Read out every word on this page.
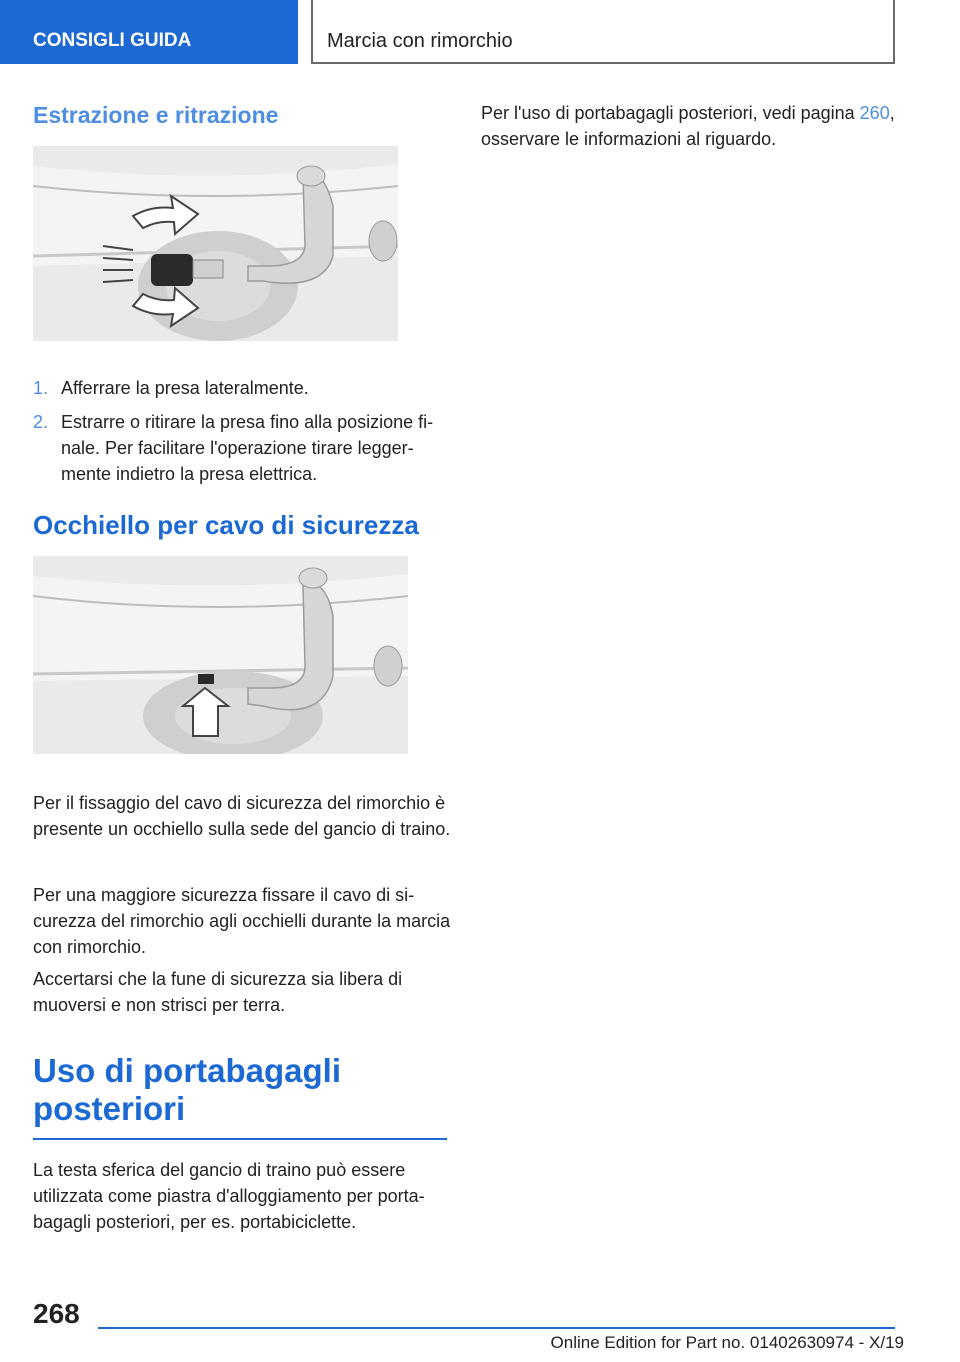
CONSIGLI GUIDA	Marcia con rimorchio
Estrazione e ritrazione
1. Afferrare la presa lateralmente.
2. Estrarre o ritirare la presa fino alla posizione finale. Per facilitare l'operazione tirare leggermente indietro la presa elettrica.
Occhiello per cavo di sicurezza

Per il fissaggio del cavo di sicurezza del rimorchio è presente un occhiello sulla sede del gancio di traino.

Per una maggiore sicurezza fissare il cavo di sicurezza del rimorchio agli occhielli durante la marcia con rimorchio.

Accertarsi che la fune di sicurezza sia libera di muoversi e non strisci per terra.

Uso di portabagagli posteriori

La testa sferica del gancio di traino può essere utilizzata come piastra d'alloggiamento per portabagagli posteriori, per es. portabiciclette.

Per l'uso di portabagagli posteriori, vedi pagina 260, osservare le informazioni al riguardo.

268
Online Edition for Part no. 01402630974 - X/19
